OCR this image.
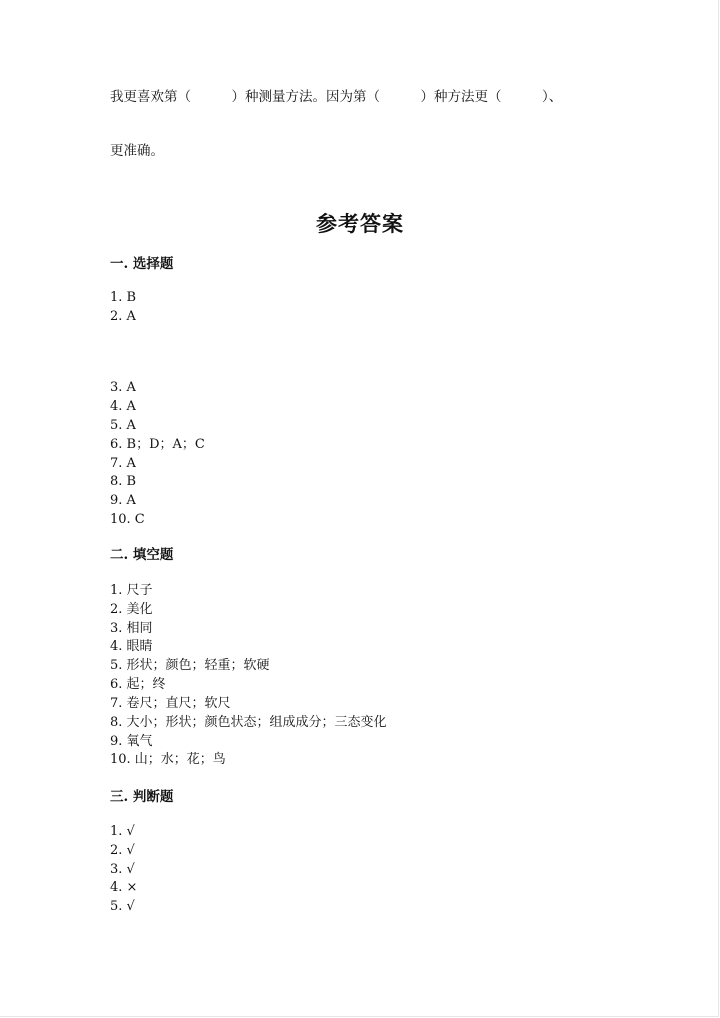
我更喜欢第（　　　）种测量方法。因为第（　　　）种方法更（　　　）、
更准确。
参考答案
一. 选择题
1. B
2. A
3. A
4. A
5. A
6. B；D；A；C
7. A
8. B
9. A
10. C
二. 填空题
1. 尺子
2. 美化
3. 相同
4. 眼睛
5. 形状；颜色；轻重；软硬
6. 起；终
7. 卷尺；直尺；软尺
8. 大小；形状；颜色状态；组成成分；三态变化
9. 氧气
10. 山；水；花；鸟
三. 判断题
1. √
2. √
3. √
4. ×
5. √
